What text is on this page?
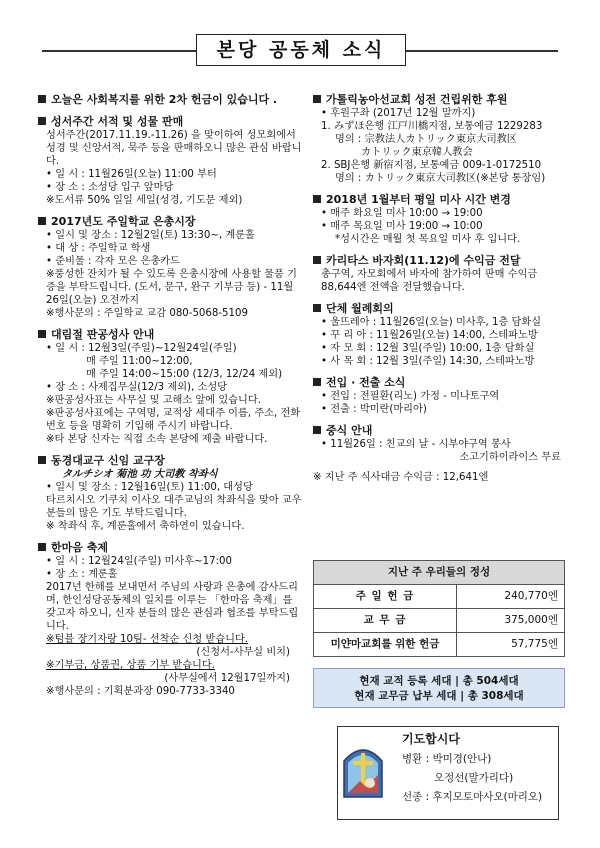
본당 공동체 소식
오늘은 사회복지를 위한 2차 헌금이 있습니다 .
성서주간 서적 및 성물 판매

성서주간(2017.11.19.-11.26) 을 맞이하여 성모회에서 성경 및 신앙서적, 묵주 등을 판매하오니 많은 관심 바랍니다.

• 일 시 : 11월26일(오늘) 11:00 부터

• 장 소 : 소성당 입구 앞마당

※도서류 50% 일일 세일(성경, 기도문 제외)

2017년도 주일학교 은총시장

• 일시 및 장소 : 12월2일(토) 13:30~, 계룬홀

• 대 상 : 주일학교 학생

• 준비물 : 각자 모은 은총카드

※풍성한 잔치가 될 수 있도록 은총시장에 사용할 물품 기증을 부탁드립니다. (도서, 문구, 완구 기부금 등) - 11월26일(오늘) 오전까지

※행사문의 : 주일학교 교감 080-5068-5109

대림절 판공성사 안내

• 일 시 : 12월3일(주일)~12월24일(주일)

매 주일 11:00~12:00,

매 주일 14:00~15:00 (12/3, 12/24 제외)

• 장 소 : 사제집무실(12/3 제외), 소성당

※판공성사표는 사무실 및 고해소 앞에 있습니다.

※판공성사표에는 구역명, 교적상 세대주 이름, 주소, 전화번호 등을 명확히 기입해 주시기 바랍니다.

※타 본당 신자는 직접 소속 본당에 제출 바랍니다.

동경대교구 신임 교구장

タルチシオ 菊池 功 大司教 착좌식

• 일시 및 장소 : 12월16일(토) 11:00, 대성당

타르치시오 기쿠치 이사오 대주교님의 착좌식을 맞아 교우 분들의 많은 기도 부탁드립니다.

※ 착좌식 후, 계룬홀에서 축하연이 있습니다.

한마음 축제

• 일 시 : 12월24일(주일) 미사후~17:00

• 장 소 : 계룬홀

2017년 한해를 보내면서 주님의 사랑과 은총에 감사드리며, 한인성당공동체의 일치를 이루는 「한마음 축제」를 갖고자 하오니, 신자 분들의 많은 관심과 협조를 부탁드립니다.

※텀블 장기자랑 10팀- 선착순 신청 받습니다.

(신청서-사무실 비치)

※기부금, 상품권, 상품 기부 받습니다.

(사무실에서 12월17일까지)

※행사문의 : 기획분과장 090-7733-3340

가톨릭농아선교회 성전 건립위한 후원

• 후원구좌 (2017년 12월 말까지)

1. みずほ은행 江戸川橋지점, 보통예금 1229283

명의 : 宗教法人カトリック東京大司教区

カトリック東京韓人教会

2. SBJ은행 新宿지점, 보통예금 009-1-0172510

명의 : カトリック東京大司教区(※본당 통장임)

2018년 1월부터 평일 미사 시간 변경

• 매주 화요일 미사 10:00 → 19:00

• 매주 목요일 미사 19:00 → 10:00

*성시간은 매월 첫 목요일 미사 후 입니다.

카리타스 바자회(11.12)에 수익금 전달

총구역, 자모회에서 바자에 참가하여 판매 수익금 88,644엔 전액을 전달했습니다.

단체 월례회의

• 울뜨레아 : 11월26일(오늘) 미사후, 1층 담화실

• 꾸 리 아 : 11월26일(오늘) 14:00, 스테파노방

• 자 모 회 : 12월 3일(주일) 10:00, 1층 담화실

• 사 목 회 : 12월 3일(주일) 14:30, 스테파노방

전입 · 전출 소식

• 전입 : 전필환(리노) 가정 - 미나토구역

• 전출 : 박미란(마리아)

중식 안내

• 11월26일 : 친교의 날 - 시부야구역 봉사

소고기하이라이스 무료

※ 지난 주 식사대금 수익금 : 12,641엔

지난 주 우리들의 정성	
주 일 헌 금	240,770엔
교 무 금	375,000엔
미얀마교회를 위한 헌금	57,775엔
현재 교적 등록 세대 | 총 504세대
현재 교무금 납부 세대 | 총 308세대
기도합시다
병환 : 박미경(안나)
오정선(말가리다)
선종 : 후지모토마사오(마리오)
